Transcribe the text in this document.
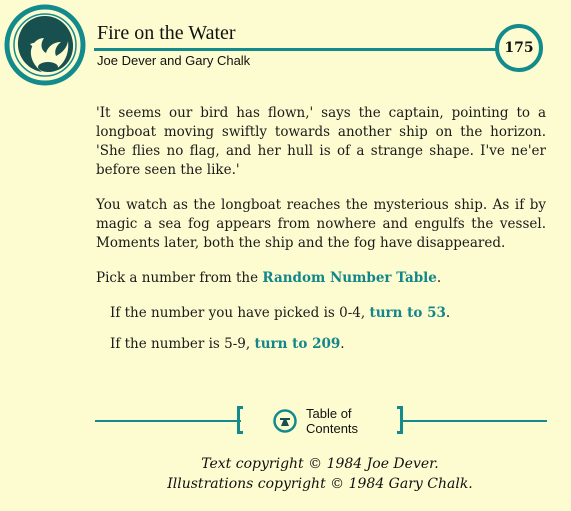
Fire on the Water
Joe Dever and Gary Chalk
175

'It seems our bird has flown,' says the captain, pointing to a longboat moving swiftly towards another ship on the horizon. 'She flies no flag, and her hull is of a strange shape. I've ne'er before seen the like.'

You watch as the longboat reaches the mysterious ship. As if by magic a sea fog appears from nowhere and engulfs the vessel. Moments later, both the ship and the fog have disappeared.

Pick a number from the Random Number Table.

If the number you have picked is 0-4, turn to 53.

If the number is 5-9, turn to 209.

Table of
Contents
Text copyright © 1984 Joe Dever.
Illustrations copyright © 1984 Gary Chalk.
